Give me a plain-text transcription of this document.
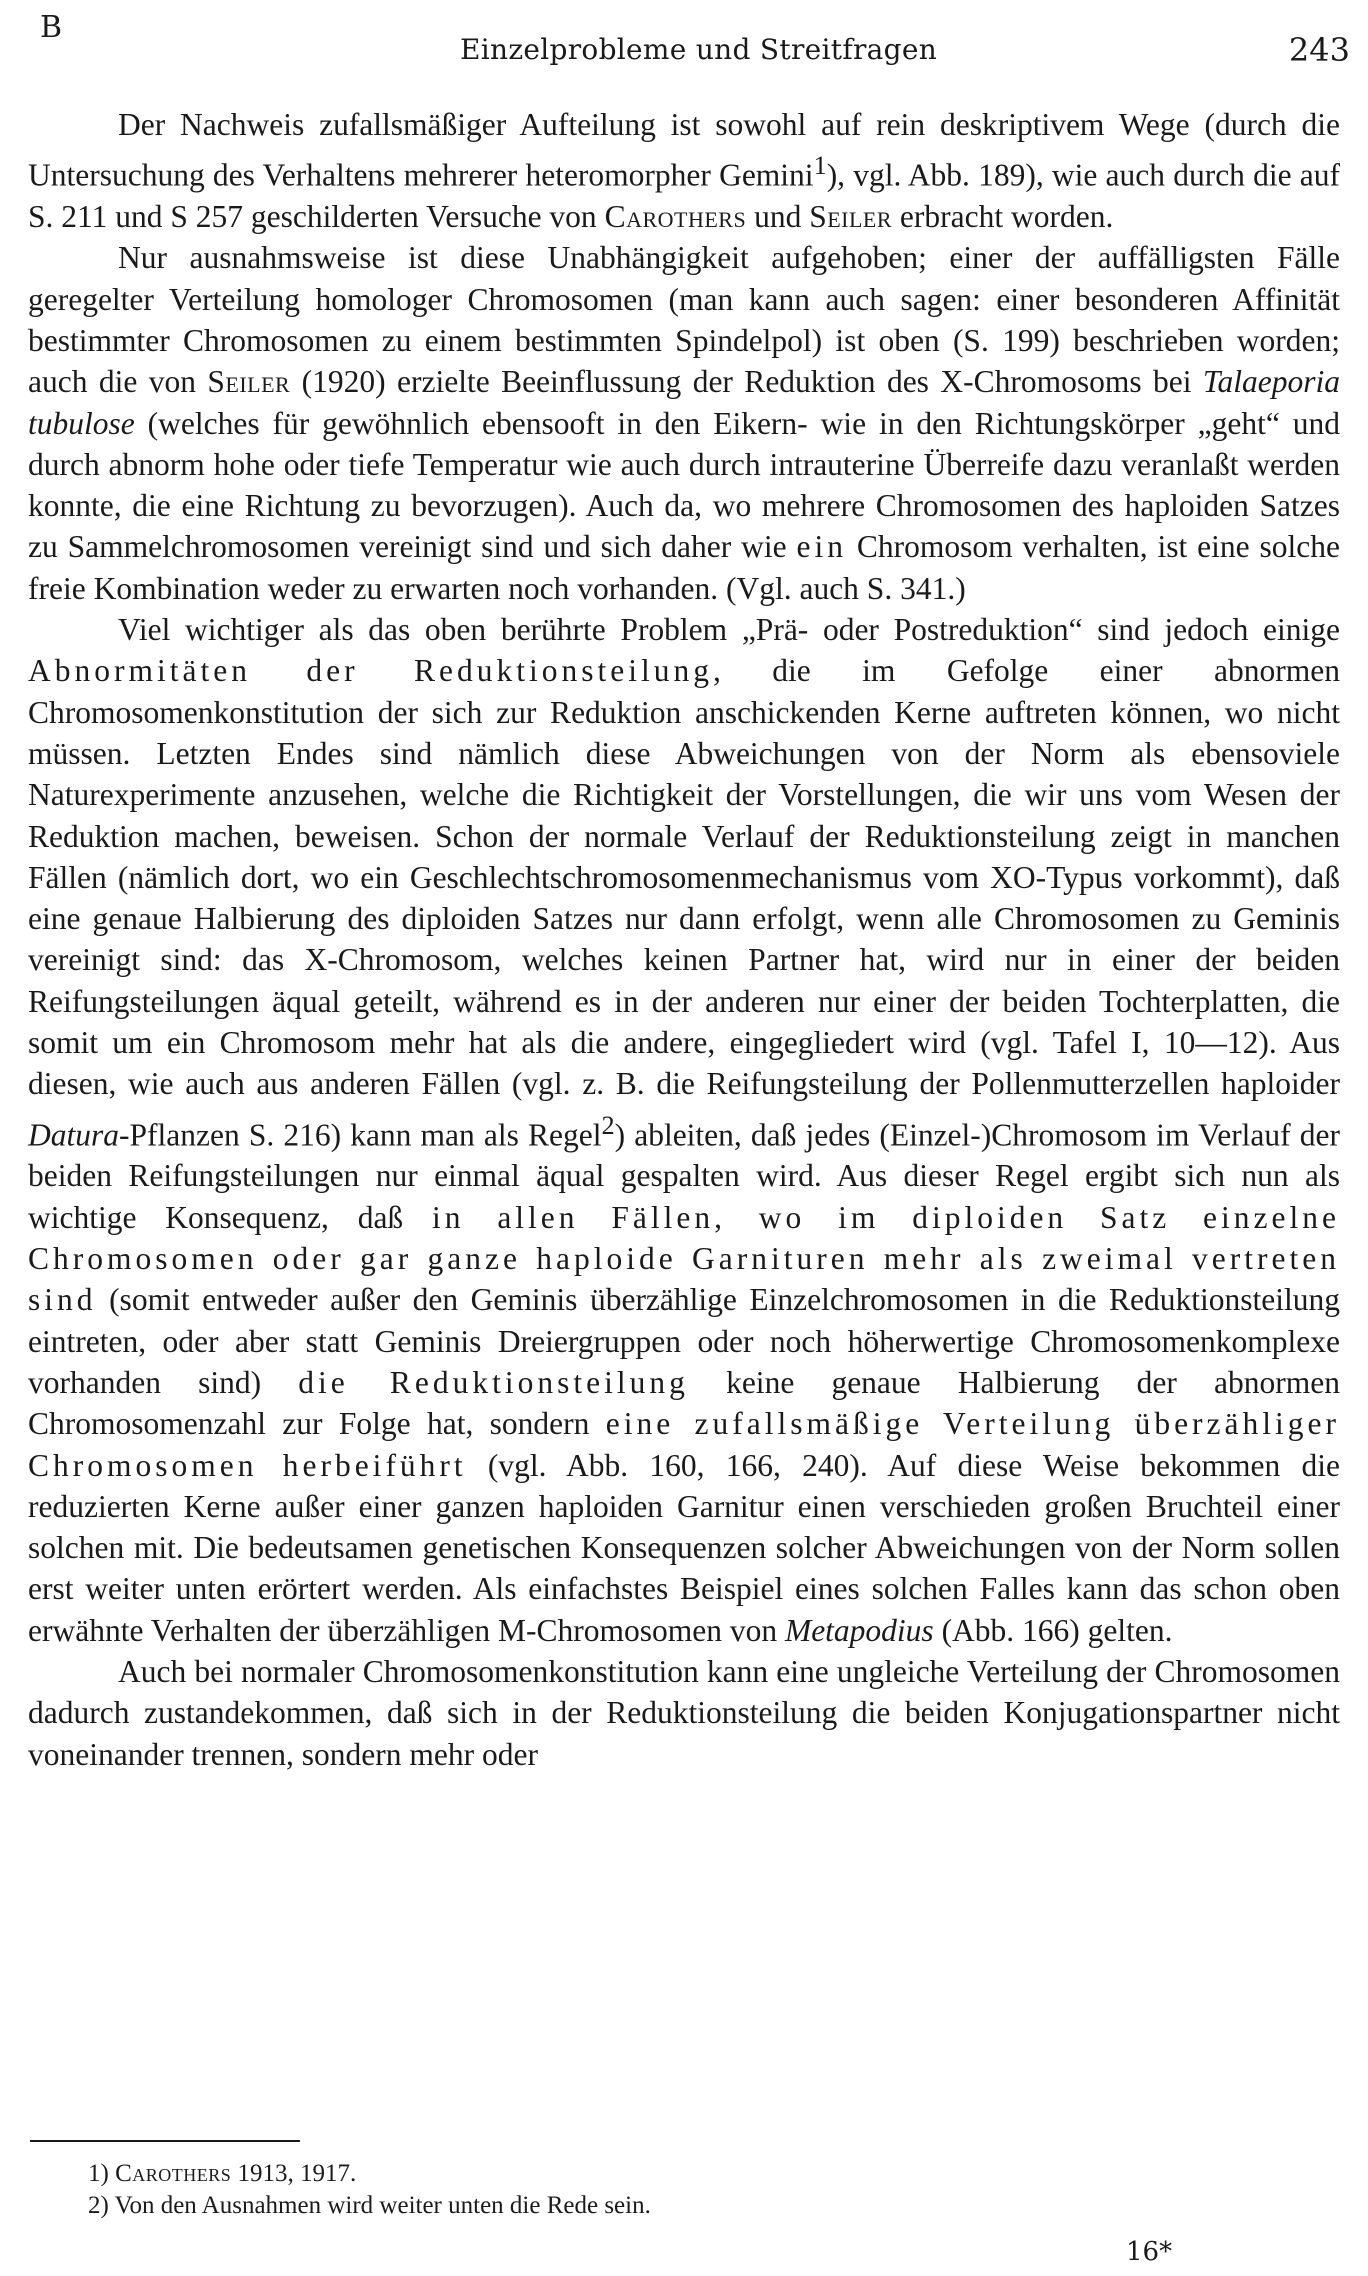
B
Einzelprobleme und Streitfragen	243

Der Nachweis zufallsmäßiger Aufteilung ist sowohl auf rein deskriptivem Wege (durch die Untersuchung des Verhaltens mehrerer heteromorpher Gemini$^1$), vgl. Abb. 189), wie auch durch die auf S. 211 und S 257 geschilderten Versuche von Carothers und Seiler erbracht worden.

Nur ausnahmsweise ist diese Unabhängigkeit aufgehoben; einer der auffälligsten Fälle geregelter Verteilung homologer Chromosomen (man kann auch sagen: einer besonderen Affinität bestimmter Chromosomen zu einem bestimmten Spindelpol) ist oben (S. 199) beschrieben worden; auch die von Seiler (1920) erzielte Beeinflussung der Reduktion des X-Chromosoms bei Talaeporia tubulose (welches für gewöhnlich ebensooft in den Eikern- wie in den Richtungskörper „geht“ und durch abnorm hohe oder tiefe Temperatur wie auch durch intrauterine Überreife dazu veranlaßt werden konnte, die eine Richtung zu bevorzugen). Auch da, wo mehrere Chromosomen des haploiden Satzes zu Sammelchromosomen vereinigt sind und sich daher wie ein Chromosom verhalten, ist eine solche freie Kombination weder zu erwarten noch vorhanden. (Vgl. auch S. 341.)

Viel wichtiger als das oben berührte Problem „Prä- oder Postreduktion“ sind jedoch einige Abnormitäten der Reduktionsteilung, die im Gefolge einer abnormen Chromosomenkonstitution der sich zur Reduktion anschickenden Kerne auftreten können, wo nicht müssen. Letzten Endes sind nämlich diese Abweichungen von der Norm als ebensoviele Naturexperimente anzusehen, welche die Richtigkeit der Vorstellungen, die wir uns vom Wesen der Reduktion machen, beweisen. Schon der normale Verlauf der Reduktionsteilung zeigt in manchen Fällen (nämlich dort, wo ein Geschlechtschromosomenmechanismus vom XO-Typus vorkommt), daß eine genaue Halbierung des diploiden Satzes nur dann erfolgt, wenn alle Chromosomen zu Geminis vereinigt sind: das X-Chromosom, welches keinen Partner hat, wird nur in einer der beiden Reifungsteilungen äqual geteilt, während es in der anderen nur einer der beiden Tochterplatten, die somit um ein Chromosom mehr hat als die andere, eingegliedert wird (vgl. Tafel I, 10—12). Aus diesen, wie auch aus anderen Fällen (vgl. z. B. die Reifungsteilung der Pollenmutterzellen haploider Datura-Pflanzen S. 216) kann man als Regel$^2$) ableiten, daß jedes (Einzel-)Chromosom im Verlauf der beiden Reifungsteilungen nur einmal äqual gespalten wird. Aus dieser Regel ergibt sich nun als wichtige Konsequenz, daß in allen Fällen, wo im diploiden Satz einzelne Chromosomen oder gar ganze haploide Garnituren mehr als zweimal vertreten sind (somit entweder außer den Geminis überzählige Einzelchromosomen in die Reduktionsteilung eintreten, oder aber statt Geminis Dreiergruppen oder noch höherwertige Chromosomenkomplexe vorhanden sind) die Reduktionsteilung keine genaue Halbierung der abnormen Chromosomenzahl zur Folge hat, sondern eine zufallsmäßige Verteilung überzähliger Chromosomen herbeiführt (vgl. Abb. 160, 166, 240). Auf diese Weise bekommen die reduzierten Kerne außer einer ganzen haploiden Garnitur einen verschieden großen Bruchteil einer solchen mit. Die bedeutsamen genetischen Konsequenzen solcher Abweichungen von der Norm sollen erst weiter unten erörtert werden. Als einfachstes Beispiel eines solchen Falles kann das schon oben erwähnte Verhalten der überzähligen M-Chromosomen von Metapodius (Abb. 166) gelten.

Auch bei normaler Chromosomenkonstitution kann eine ungleiche Verteilung der Chromosomen dadurch zustandekommen, daß sich in der Reduktionsteilung die beiden Konjugationspartner nicht voneinander trennen, sondern mehr oder

1) Carothers 1913, 1917.
2) Von den Ausnahmen wird weiter unten die Rede sein.
16*
